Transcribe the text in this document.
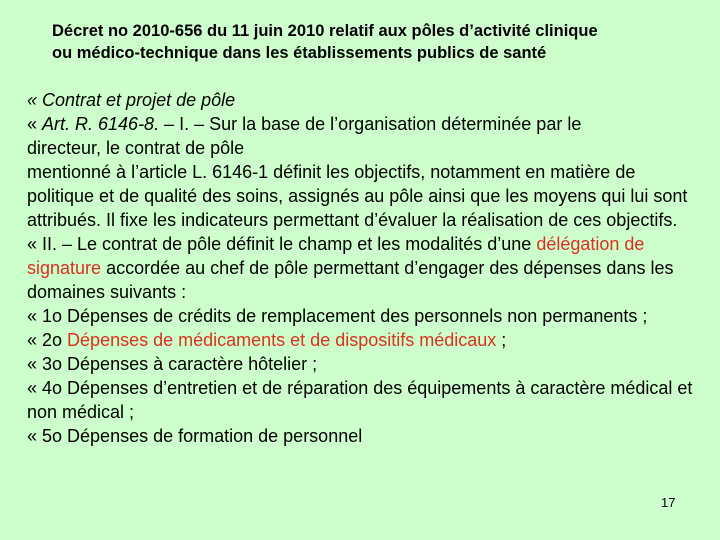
Décret no 2010-656 du 11 juin 2010 relatif aux pôles d’activité clinique
ou médico-technique dans les établissements publics de santé

« Contrat et projet de pôle

« Art. R. 6146-8. – I. – Sur la base de l’organisation déterminée par le

directeur, le contrat de pôle

mentionné à l’article L. 6146-1 définit les objectifs, notamment en matière de politique et de qualité des soins, assignés au pôle ainsi que les moyens qui lui sont attribués. Il fixe les indicateurs permettant d’évaluer la réalisation de ces objectifs.

« II. – Le contrat de pôle définit le champ et les modalités d’une délégation de signature accordée au chef de pôle permettant d’engager des dépenses dans les domaines suivants :

« 1o Dépenses de crédits de remplacement des personnels non permanents ;

« 2o Dépenses de médicaments et de dispositifs médicaux ;

« 3o Dépenses à caractère hôtelier ;

« 4o Dépenses d’entretien et de réparation des équipements à caractère médical et non médical ;

« 5o Dépenses de formation de personnel

17
